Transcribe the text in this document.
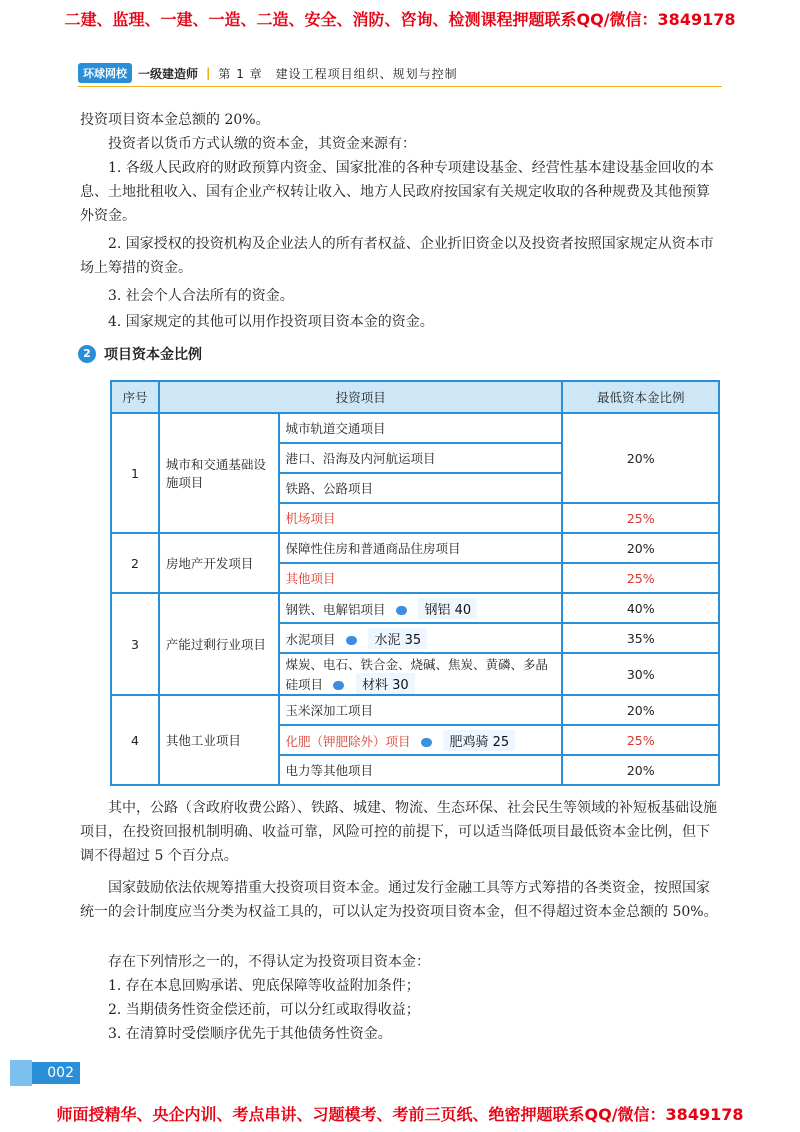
二建、监理、一建、一造、二造、安全、消防、咨询、检测课程押题联系QQ/微信：3849178
环球网校 一级建造师 | 第 1 章　建设工程项目组织、规划与控制
投资项目资本金总额的 20%。
投资者以货币方式认缴的资本金，其资金来源有：
1. 各级人民政府的财政预算内资金、国家批准的各种专项建设基金、经营性基本建设基金回收的本息、土地批租收入、国有企业产权转让收入、地方人民政府按国家有关规定收取的各种规费及其他预算外资金。
2. 国家授权的投资机构及企业法人的所有者权益、企业折旧资金以及投资者按照国家规定从资本市场上筹措的资金。
3. 社会个人合法所有的资金。
4. 国家规定的其他可以用作投资项目资本金的资金。
2 项目资本金比例
序号	投资项目		最低资本金比例
1	城市和交通基础设施项目	城市轨道交通项目	20%
		港口、沿海及内河航运项目	
		铁路、公路项目	
		机场项目	25%
2	房地产开发项目	保障性住房和普通商品住房项目	20%
		其他项目	25%
3	产能过剩行业项目	钢铁、电解铝项目 钢铝 40	40%
		水泥项目 水泥 35	35%
		煤炭、电石、铁合金、烧碱、焦炭、黄磷、多晶硅项目 材料 30	30%
4	其他工业项目	玉米深加工项目	20%
		化肥（钾肥除外）项目 肥鸡骑 25	25%
		电力等其他项目	20%
其中，公路（含政府收费公路）、铁路、城建、物流、生态环保、社会民生等领域的补短板基础设施项目，在投资回报机制明确、收益可靠，风险可控的前提下，可以适当降低项目最低资本金比例，但下调不得超过 5 个百分点。
国家鼓励依法依规筹措重大投资项目资本金。通过发行金融工具等方式筹措的各类资金，按照国家统一的会计制度应当分类为权益工具的，可以认定为投资项目资本金，但不得超过资本金总额的 50%。
存在下列情形之一的，不得认定为投资项目资本金：
1. 存在本息回购承诺、兜底保障等收益附加条件；
2. 当期债务性资金偿还前，可以分红或取得收益；
3. 在清算时受偿顺序优先于其他债务性资金。
002
师面授精华、央企内训、考点串讲、习题模考、考前三页纸、绝密押题联系QQ/微信：3849178
